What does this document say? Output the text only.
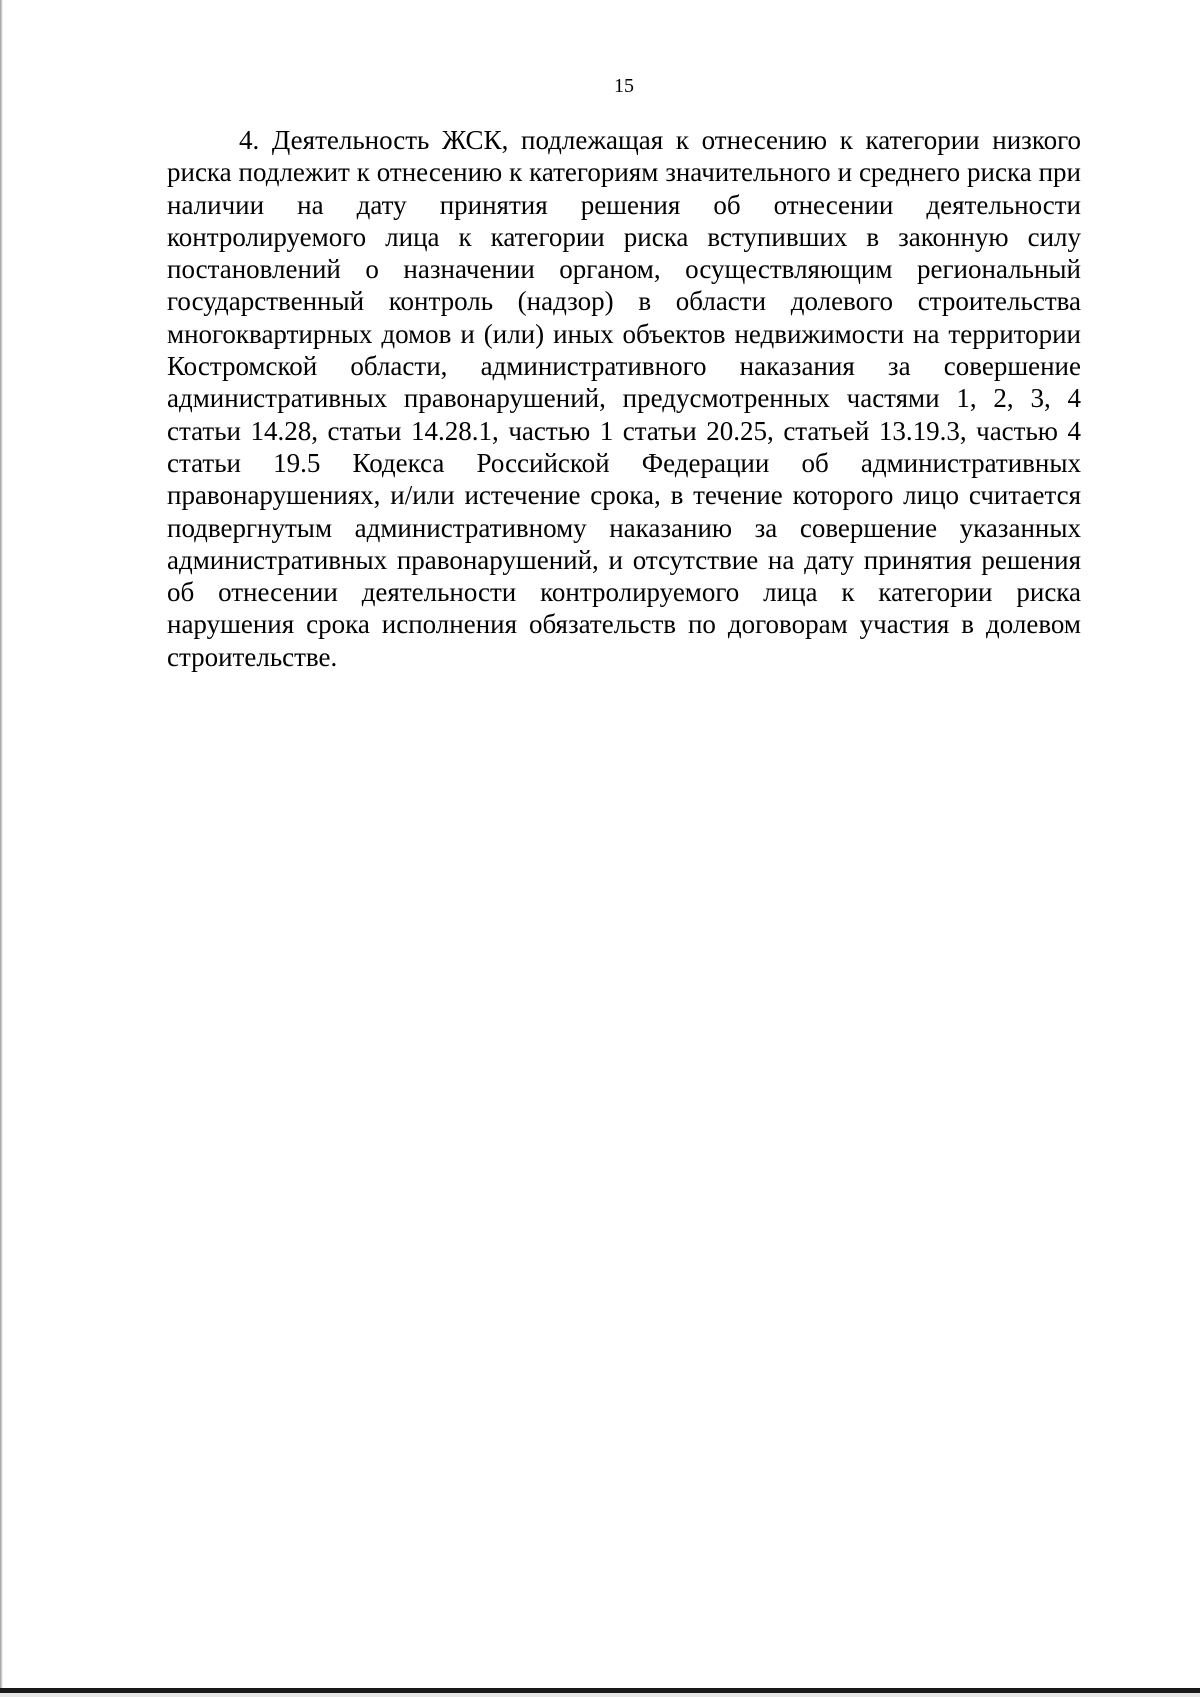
15

4. Деятельность ЖСК, подлежащая к отнесению к категории низкого риска подлежит к отнесению к категориям значительного и среднего риска при наличии на дату принятия решения об отнесении деятельности контролируемого лица к категории риска вступивших в законную силу постановлений о назначении органом, осуществляющим региональный государственный контроль (надзор) в области долевого строительства многоквартирных домов и (или) иных объектов недвижимости на территории Костромской области, административного наказания за совершение административных правонарушений, предусмотренных частями 1, 2, 3, 4 статьи 14.28, статьи 14.28.1, частью 1 статьи 20.25, статьей 13.19.3, частью 4 статьи 19.5 Кодекса Российской Федерации об административных правонарушениях, и/или истечение срока, в течение которого лицо считается подвергнутым административному наказанию за совершение указанных административных правонарушений, и отсутствие на дату принятия решения об отнесении деятельности контролируемого лица к категории риска нарушения срока исполнения обязательств по договорам участия в долевом строительстве.
